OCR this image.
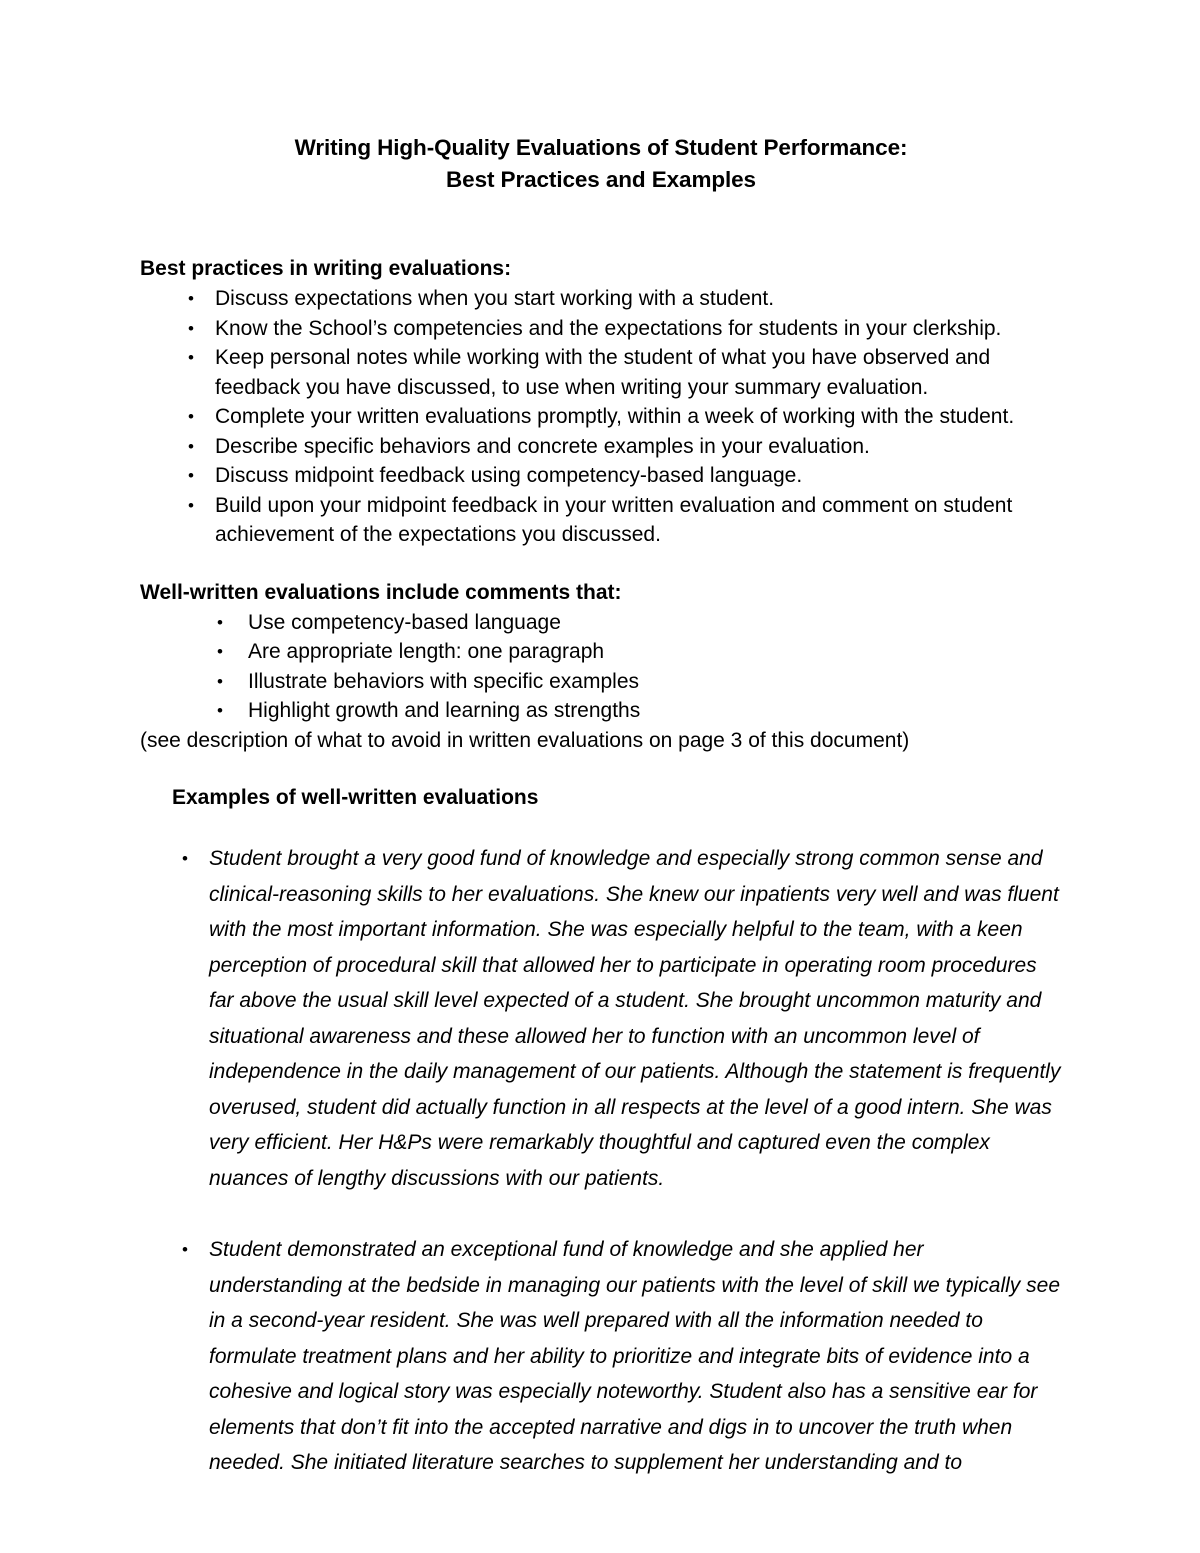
Writing High-Quality Evaluations of Student Performance:
Best Practices and Examples
Best practices in writing evaluations:
•	Discuss expectations when you start working with a student.
•	Know the School’s competencies and the expectations for students in your clerkship.
•	Keep personal notes while working with the student of what you have observed and feedback you have discussed, to use when writing your summary evaluation.
•	Complete your written evaluations promptly, within a week of working with the student.
•	Describe specific behaviors and concrete examples in your evaluation.
•	Discuss midpoint feedback using competency-based language.
•	Build upon your midpoint feedback in your written evaluation and comment on student achievement of the expectations you discussed.
Well-written evaluations include comments that:
•	Use competency-based language
•	Are appropriate length: one paragraph
•	Illustrate behaviors with specific examples
•	Highlight growth and learning as strengths
(see description of what to avoid in written evaluations on page 3 of this document)
Examples of well-written evaluations
•	Student brought a very good fund of knowledge and especially strong common sense and clinical-reasoning skills to her evaluations. She knew our inpatients very well and was fluent with the most important information. She was especially helpful to the team, with a keen perception of procedural skill that allowed her to participate in operating room procedures far above the usual skill level expected of a student. She brought uncommon maturity and situational awareness and these allowed her to function with an uncommon level of independence in the daily management of our patients. Although the statement is frequently overused, student did actually function in all respects at the level of a good intern. She was very efficient. Her H&Ps were remarkably thoughtful and captured even the complex nuances of lengthy discussions with our patients.
•	Student demonstrated an exceptional fund of knowledge and she applied her understanding at the bedside in managing our patients with the level of skill we typically see in a second-year resident. She was well prepared with all the information needed to formulate treatment plans and her ability to prioritize and integrate bits of evidence into a cohesive and logical story was especially noteworthy. Student also has a sensitive ear for elements that don’t fit into the accepted narrative and digs in to uncover the truth when needed. She initiated literature searches to supplement her understanding and to
